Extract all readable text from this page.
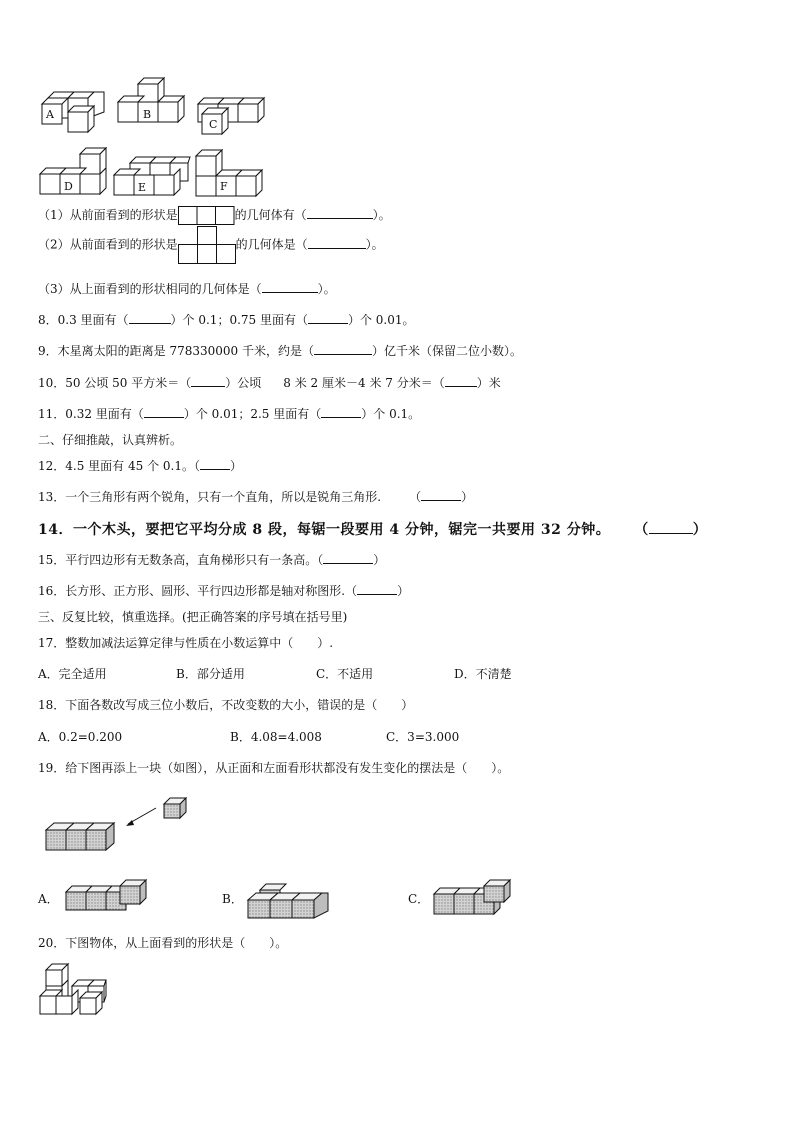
A	B
C
D	E	F
（1）从前面看到的形状是	的几何体有（	）。
（2）从前面看到的形状是	的几何体是（	）。
（3）从上面看到的形状相同的几何体是（	）。
8．0.3 里面有（	）个 0.1；0.75 里面有（	）个 0.01。
9．木星离太阳的距离是 778330000 千米，约是（	）亿千米（保留二位小数）。
10．50 公顷 50 平方米＝（	）公顷 8 米 2 厘米－4 米 7 分米＝（	）米
11．0.32 里面有（	）个 0.01；2.5 里面有（	）个 0.1。
二、仔细推敲，认真辨析。
12．4.5 里面有 45 个 0.1。（	）
13．一个三角形有两个锐角，只有一个直角，所以是锐角三角形. （	）
14．一个木头，要把它平均分成 8 段，每锯一段要用 4 分钟，锯完一共要用 32 分钟。 （	）
15．平行四边形有无数条高，直角梯形只有一条高。（	）
16．长方形、正方形、圆形、平行四边形都是轴对称图形.（	）
三、反复比较，慎重选择。(把正确答案的序号填在括号里)
17．整数加减法运算定律与性质在小数运算中（　　）.
A．完全适用	B．部分适用	C．不适用	D．不清楚
18．下面各数改写成三位小数后，不改变数的大小，错误的是（　　）
A．0.2=0.200	B．4.08=4.008	C．3=3.000
19．给下图再添上一块（如图），从正面和左面看形状都没有发生变化的摆法是（　　）。
A．	B．	C．
20．下图物体，从上面看到的形状是（　　）。
